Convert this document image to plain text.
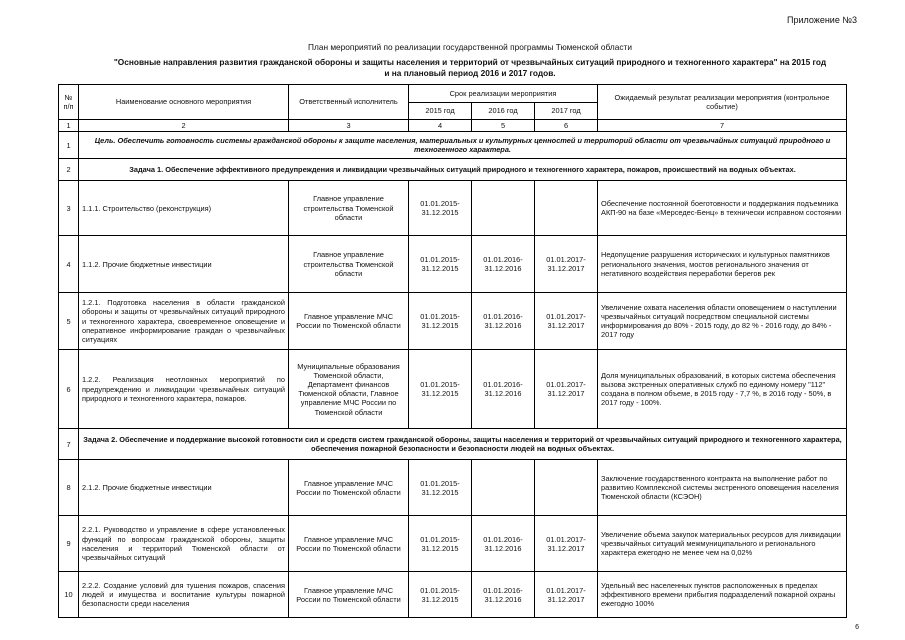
Приложение №3
План мероприятий по реализации государственной программы Тюменской области
"Основные направления развития гражданской обороны и защиты населения и территорий от чрезвычайных ситуаций природного и техногенного характера" на 2015 год
и на плановый период 2016 и 2017 годов.
№ п/п	Наименование основного мероприятия	Ответственный исполнитель	Срок реализации мероприятия			Ожидаемый результат реализации мероприятия (контрольное событие)
			2015 год	2016 год	2017 год	
1	2	3	4	5	6	7
1	Цель. Обеспечить готовность системы гражданской обороны к защите населения, материальных и культурных ценностей и территорий области от чрезвычайных ситуаций природного и техногенного характера.					
2	Задача 1. Обеспечение эффективного предупреждения и ликвидации чрезвычайных ситуаций природного и техногенного характера, пожаров, происшествий на водных объектах.					
3	1.1.1. Строительство (реконструкция)	Главное управление строительства Тюменской области	01.01.2015-31.12.2015			Обеспечение постоянной боеготовности и поддержания подъемника АКП-90 на базе «Мерседес-Бенц» в техничеcки исправном состоянии
4	1.1.2. Прочие бюджетные инвестиции	Главное управление строительства Тюменской области	01.01.2015-31.12.2015	01.01.2016-31.12.2016	01.01.2017-31.12.2017	Недопущение разрушения исторических и культурных памятников регионального значения, мостов регионального значения от негативного воздействия переработки берегов рек
5	1.2.1. Подготовка населения в области гражданской обороны и защиты от чрезвычайных ситуаций природного и техногенного характера, своевременное оповещение и оперативное информирование граждан о чрезвычайных ситуациях	Главное управление МЧС России по Тюменской области	01.01.2015-31.12.2015	01.01.2016-31.12.2016	01.01.2017-31.12.2017	Увеличение охвата населения области оповещением о наступлении чрезвычайных ситуаций посредством специальной системы информирования до 80% - 2015 году, до 82 % - 2016 году, до 84% - 2017 году
6	1.2.2. Реализация неотложных мероприятий по предупреждению и ликвидации чрезвычайных ситуаций природного и техногенного характера, пожаров.	Муниципальные образования Тюменской области, Департамент финансов Тюменской области, Главное управление МЧС России по Тюменской области	01.01.2015-31.12.2015	01.01.2016-31.12.2016	01.01.2017-31.12.2017	Доля муниципальных образований, в которых система обеспечения вызова экстренных оперативных служб по единому номеру "112" создана в полном объеме, в 2015 году - 7,7 %, в 2016 году - 50%, в 2017 году - 100%.
7	Задача 2. Обеспечение и поддержание высокой готовности сил и средств систем гражданской обороны, защиты населения и территорий от чрезвычайных ситуаций природного и техногенного характера, обеспечения пожарной безопасности и безопасности людей на водных объектах.					
8	2.1.2. Прочие бюджетные инвестиции	Главное управление МЧС России по Тюменской области	01.01.2015-31.12.2015			Заключение государственного контракта на выполнение работ по развитию Комплексной системы экстренного оповещения населения Тюменской области (КСЭОН)
9	2.2.1. Руководство и управление в сфере установленных функций по вопросам гражданской обороны, защиты населения и территорий Тюменской области от чрезвычайных ситуаций	Главное управление МЧС России по Тюменской области	01.01.2015-31.12.2015	01.01.2016-31.12.2016	01.01.2017-31.12.2017	Увеличение объема закупок материальных ресурсов для ликвидации чрезвычайных ситуаций межмуниципального и регионального характера ежегодно не менее чем на 0,02%
10	2.2.2. Создание условий для тушения пожаров, спасения людей и имущества и воспитание культуры пожарной безопасности среди населения	Главное управление МЧС России по Тюменской области	01.01.2015-31.12.2015	01.01.2016-31.12.2016	01.01.2017-31.12.2017	Удельный вес населенных пунктов расположенных в пределах эффективного времени прибытия подразделений пожарной охраны ежегодно 100%
6
